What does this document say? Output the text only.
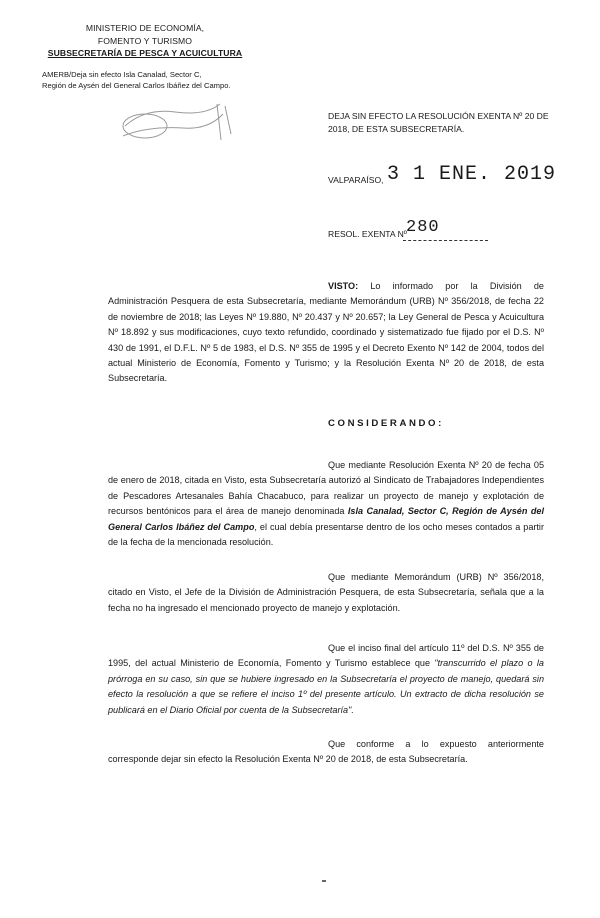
MINISTERIO DE ECONOMÍA,
FOMENTO Y TURISMO
SUBSECRETARÍA DE PESCA Y ACUICULTURA
AMERB/Deja sin efecto Isla Canalad, Sector C,
Región de Aysén del General Carlos Ibáñez del Campo.
DEJA SIN EFECTO LA RESOLUCIÓN EXENTA Nº 20 DE 2018, DE ESTA SUBSECRETARÍA.
VALPARAÍSO, 3 1 ENE. 2019
RESOL. EXENTA Nº 280
VISTO: Lo informado por la División de Administración Pesquera de esta Subsecretaría, mediante Memorándum (URB) Nº 356/2018, de fecha 22 de noviembre de 2018; las Leyes Nº 19.880, Nº 20.437 y Nº 20.657; la Ley General de Pesca y Acuicultura Nº 18.892 y sus modificaciones, cuyo texto refundido, coordinado y sistematizado fue fijado por el D.S. Nº 430 de 1991, el D.F.L. Nº 5 de 1983, el D.S. Nº 355 de 1995 y el Decreto Exento Nº 142 de 2004, todos del actual Ministerio de Economía, Fomento y Turismo; y la Resolución Exenta Nº 20 de 2018, de esta Subsecretaría.
CONSIDERANDO:
Que mediante Resolución Exenta Nº 20 de fecha 05 de enero de 2018, citada en Visto, esta Subsecretaría autorizó al Sindicato de Trabajadores Independientes de Pescadores Artesanales Bahía Chacabuco, para realizar un proyecto de manejo y explotación de recursos bentónicos para el área de manejo denominada Isla Canalad, Sector C, Región de Aysén del General Carlos Ibáñez del Campo, el cual debía presentarse dentro de los ocho meses contados a partir de la fecha de la mencionada resolución.
Que mediante Memorándum (URB) Nº 356/2018, citado en Visto, el Jefe de la División de Administración Pesquera, de esta Subsecretaría, señala que a la fecha no ha ingresado el mencionado proyecto de manejo y explotación.
Que el inciso final del artículo 11º del D.S. Nº 355 de 1995, del actual Ministerio de Economía, Fomento y Turismo establece que "transcurrido el plazo o la prórroga en su caso, sin que se hubiere ingresado en la Subsecretaría el proyecto de manejo, quedará sin efecto la resolución a que se refiere el inciso 1º del presente artículo. Un extracto de dicha resolución se publicará en el Diario Oficial por cuenta de la Subsecretaría".
Que conforme a lo expuesto anteriormente corresponde dejar sin efecto la Resolución Exenta Nº 20 de 2018, de esta Subsecretaría.
